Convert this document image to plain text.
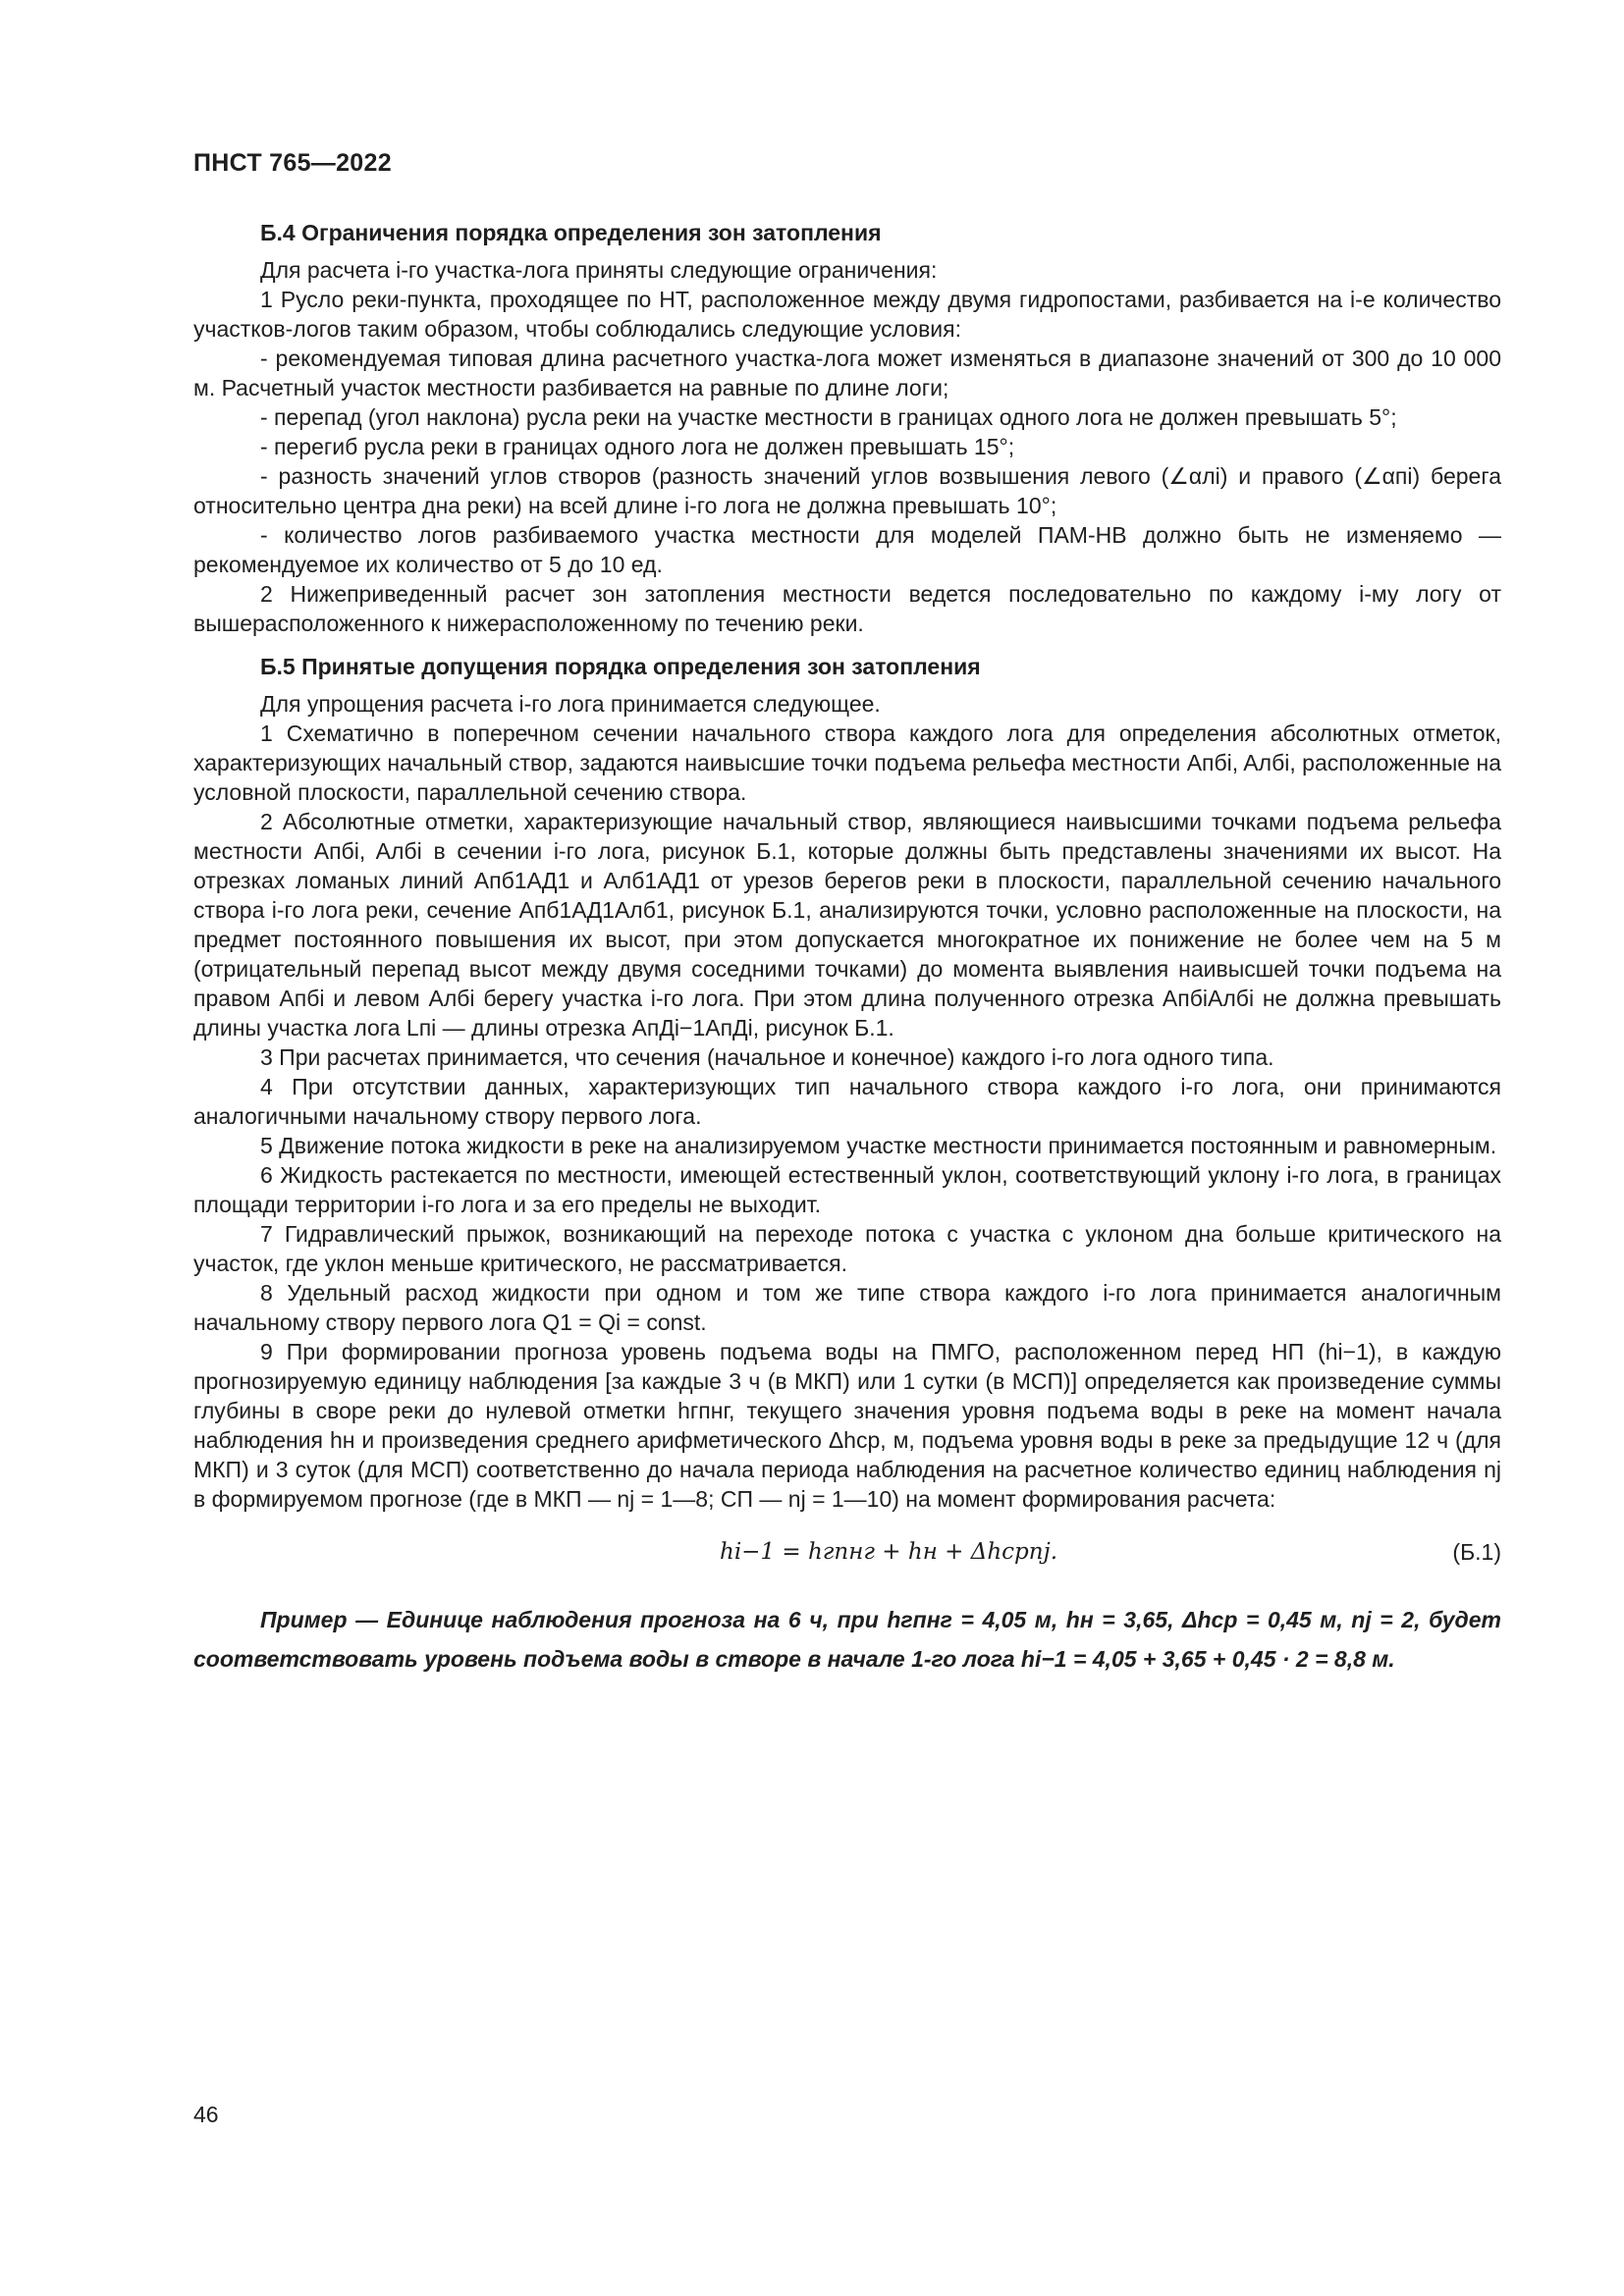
ПНСТ 765—2022
Б.4 Ограничения порядка определения зон затопления

Для расчета i-го участка-лога приняты следующие ограничения:

1 Русло реки-пункта, проходящее по НТ, расположенное между двумя гидропостами, разбивается на i-е количество участков-логов таким образом, чтобы соблюдались следующие условия:

- рекомендуемая типовая длина расчетного участка-лога может изменяться в диапазоне значений от 300 до 10 000 м. Расчетный участок местности разбивается на равные по длине логи;

- перепад (угол наклона) русла реки на участке местности в границах одного лога не должен превышать 5°;

- перегиб русла реки в границах одного лога не должен превышать 15°;

- разность значений углов створов (разность значений углов возвышения левого (∠αлi) и правого (∠αпi) берега относительно центра дна реки) на всей длине i-го лога не должна превышать 10°;

- количество логов разбиваемого участка местности для моделей ПАМ-НВ должно быть не изменяемо — рекомендуемое их количество от 5 до 10 ед.

2 Нижеприведенный расчет зон затопления местности ведется последовательно по каждому i-му логу от вышерасположенного к нижерасположенному по течению реки.

Б.5 Принятые допущения порядка определения зон затопления

Для упрощения расчета i-го лога принимается следующее.

1 Схематично в поперечном сечении начального створа каждого лога для определения абсолютных отметок, характеризующих начальный створ, задаются наивысшие точки подъема рельефа местности Aпбi, Aлбi, расположенные на условной плоскости, параллельной сечению створа.

2 Абсолютные отметки, характеризующие начальный створ, являющиеся наивысшими точками подъема рельефа местности Aпбi, Aлбi в сечении i-го лога, рисунок Б.1, которые должны быть представлены значениями их высот. На отрезках ломаных линий Aпб1AД1 и Aлб1AД1 от урезов берегов реки в плоскости, параллельной сечению начального створа i-го лога реки, сечение Aпб1AД1Aлб1, рисунок Б.1, анализируются точки, условно расположенные на плоскости, на предмет постоянного повышения их высот, при этом допускается многократное их понижение не более чем на 5 м (отрицательный перепад высот между двумя соседними точками) до момента выявления наивысшей точки подъема на правом Aпбi и левом Aлбi берегу участка i-го лога. При этом длина полученного отрезка AпбiAлбi не должна превышать длины участка лога Lпi — длины отрезка AпДi−1AпДi, рисунок Б.1.

3 При расчетах принимается, что сечения (начальное и конечное) каждого i-го лога одного типа.

4 При отсутствии данных, характеризующих тип начального створа каждого i-го лога, они принимаются аналогичными начальному створу первого лога.

5 Движение потока жидкости в реке на анализируемом участке местности принимается постоянным и равномерным.

6 Жидкость растекается по местности, имеющей естественный уклон, соответствующий уклону i-го лога, в границах площади территории i-го лога и за его пределы не выходит.

7 Гидравлический прыжок, возникающий на переходе потока с участка с уклоном дна больше критического на участок, где уклон меньше критического, не рассматривается.

8 Удельный расход жидкости при одном и том же типе створа каждого i-го лога принимается аналогичным начальному створу первого лога Q1 = Qi = const.

9 При формировании прогноза уровень подъема воды на ПМГО, расположенном перед НП (hi−1), в каждую прогнозируемую единицу наблюдения [за каждые 3 ч (в МКП) или 1 сутки (в МСП)] определяется как произведение суммы глубины в своре реки до нулевой отметки hгпнг, текущего значения уровня подъема воды в реке на момент начала наблюдения hн и произведения среднего арифметического Δhср, м, подъема уровня воды в реке за предыдущие 12 ч (для МКП) и 3 суток (для МСП) соответственно до начала периода наблюдения на расчетное количество единиц наблюдения nj в формируемом прогнозе (где в МКП — nj = 1—8; СП — nj = 1—10) на момент формирования расчета:

hi−1 = hгпнг + hн + Δhсрnj.	(Б.1)

Пример — Единице наблюдения прогноза на 6 ч, при hгпнг = 4,05 м, hн = 3,65, Δhср = 0,45 м, nj = 2, будет соответствовать уровень подъема воды в створе в начале 1-го лога hi−1 = 4,05 + 3,65 + 0,45 · 2 = 8,8 м.

46
